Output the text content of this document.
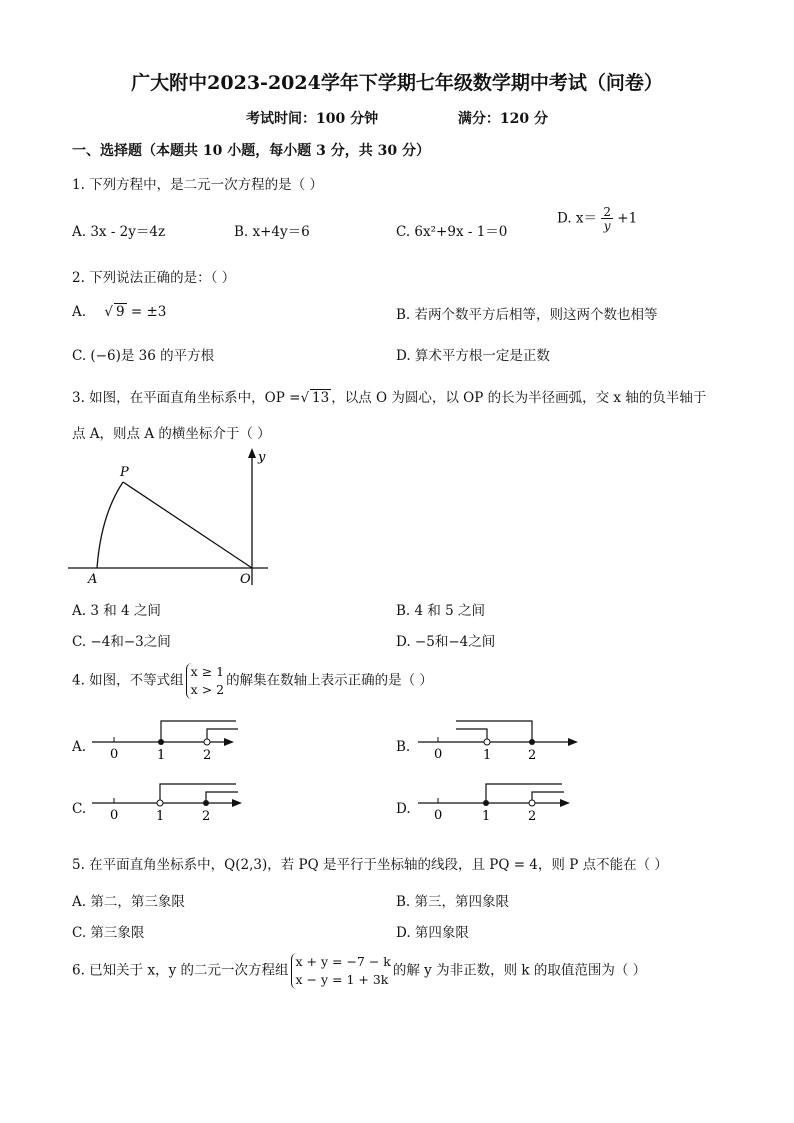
广大附中2023-2024学年下学期七年级数学期中考试（问卷）
考试时间：100 分钟	满分：120 分
一、选择题（本题共 10 小题，每小题 3 分，共 30 分）
1. 下列方程中，是二元一次方程的是（ ）
A. 3x - 2y＝4z	B. x+4y＝6	C. 6x²+9x - 1＝0
D. $x= \frac{2}{y} +1$
2. 下列说法正确的是：（ ）
A. √ 9 = ±3	B. 若两个数平方后相等，则这两个数也相等
C. (−6)是 36 的平方根	D. 算术平方根一定是正数
3. 如图，在平面直角坐标系中，OP =√ 13 ，以点 O 为圆心，以 OP 的长为半径画弧，交 x 轴的负半轴于
点 A，则点 A 的横坐标介于（ ）
P
A	O
y
A. 3 和 4 之间	B. 4 和 5 之间
C. −4和−3之间	D. −5和−4之间
4. 如图，不等式组
x ≥ 1
x > 2
的解集在数轴上表示正确的是（ ）
A. 0	1	2
B. 0	1	2
C. 0	1	2	D. 0	1	2
5. 在平面直角坐标系中，Q(2,3)，若 PQ 是平行于坐标轴的线段，且 PQ = 4，则 P 点不能在（ ）
A. 第二，第三象限	B. 第三，第四象限
C. 第三象限	D. 第四象限
6. 已知关于 x，y 的二元一次方程组
x + y = −7 − k
x − y = 1 + 3k
的解 y 为非正数，则 k 的取值范围为（ ）
